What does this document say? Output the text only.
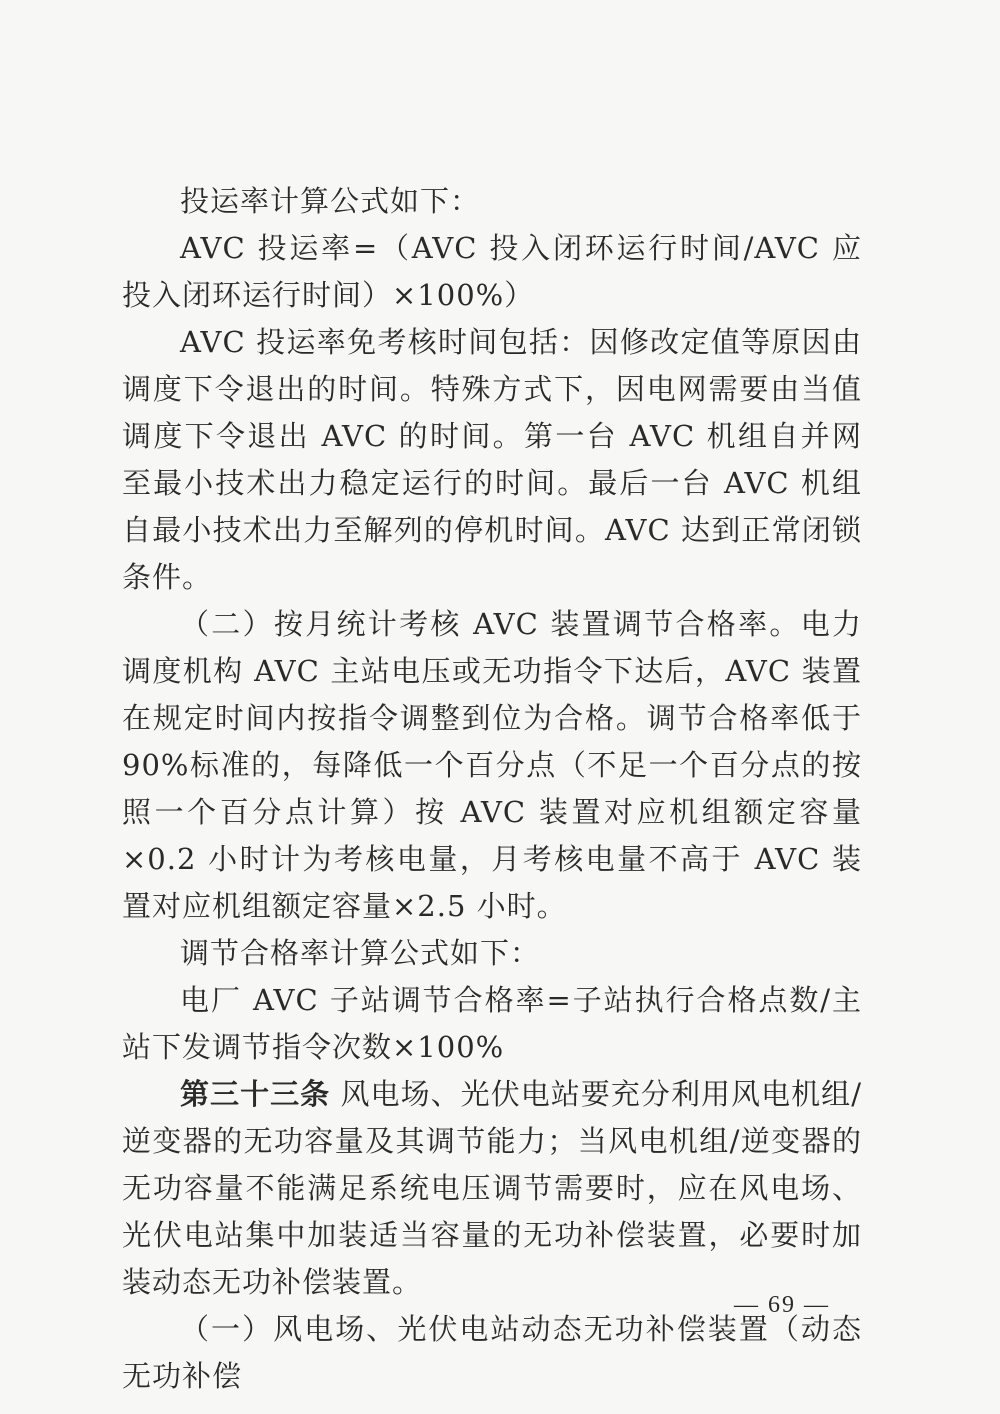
投运率计算公式如下：

AVC 投运率=（AVC 投入闭环运行时间/AVC 应投入闭环运行时间）×100%）

AVC 投运率免考核时间包括：因修改定值等原因由调度下令退出的时间。特殊方式下，因电网需要由当值调度下令退出 AVC 的时间。第一台 AVC 机组自并网至最小技术出力稳定运行的时间。最后一台 AVC 机组自最小技术出力至解列的停机时间。AVC 达到正常闭锁条件。

（二）按月统计考核 AVC 装置调节合格率。电力调度机构 AVC 主站电压或无功指令下达后，AVC 装置在规定时间内按指令调整到位为合格。调节合格率低于 90%标准的，每降低一个百分点（不足一个百分点的按照一个百分点计算）按 AVC 装置对应机组额定容量×0.2 小时计为考核电量，月考核电量不高于 AVC 装置对应机组额定容量×2.5 小时。

调节合格率计算公式如下：

电厂 AVC 子站调节合格率=子站执行合格点数/主站下发调节指令次数×100%

第三十三条 风电场、光伏电站要充分利用风电机组/逆变器的无功容量及其调节能力；当风电机组/逆变器的无功容量不能满足系统电压调节需要时，应在风电场、光伏电站集中加装适当容量的无功补偿装置，必要时加装动态无功补偿装置。

（一）风电场、光伏电站动态无功补偿装置（动态无功补偿

— 69 —
